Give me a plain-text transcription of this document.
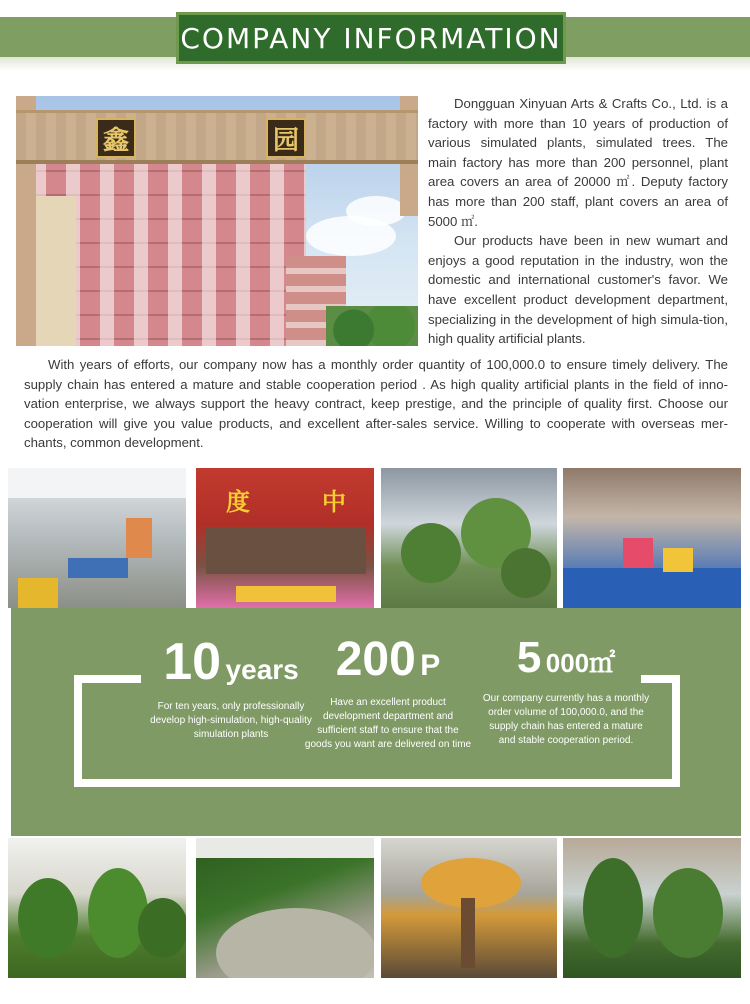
COMPANY INFORMATION
鑫	园

Dongguan Xinyuan Arts & Crafts Co., Ltd. is a factory with more than 10 years of production of various simulated plants, simulated trees. The main factory has more than 200 personnel, plant area covers an area of 20000 ㎡. Deputy factory has more than 200 staff, plant covers an area of 5000 ㎡.

Our products have been in new wumart and enjoys a good reputation in the industry, won the domestic and international customer's favor. We have excellent product development department, specializing in the development of high simula-tion, high quality artificial plants.

With years of efforts, our company now has a monthly order quantity of 100,000.0 to ensure timely delivery. The supply chain has entered a mature and stable cooperation period . As high quality artificial plants in the field of inno-vation enterprise, we always support the heavy contract, keep prestige, and the principle of quality first. Choose our cooperation will give you value products, and excellent after-sales service. Willing to cooperate with overseas mer-chants, common development.

度	中
10 years

For ten years, only professionally develop high-simulation, high-quality simulation plants

200 P

Have an excellent product development department and sufficient staff to ensure that the goods you want are delivered on time

5 000㎡

Our company currently has a monthly order volume of 100,000.0, and the supply chain has entered a mature and stable cooperation period.
